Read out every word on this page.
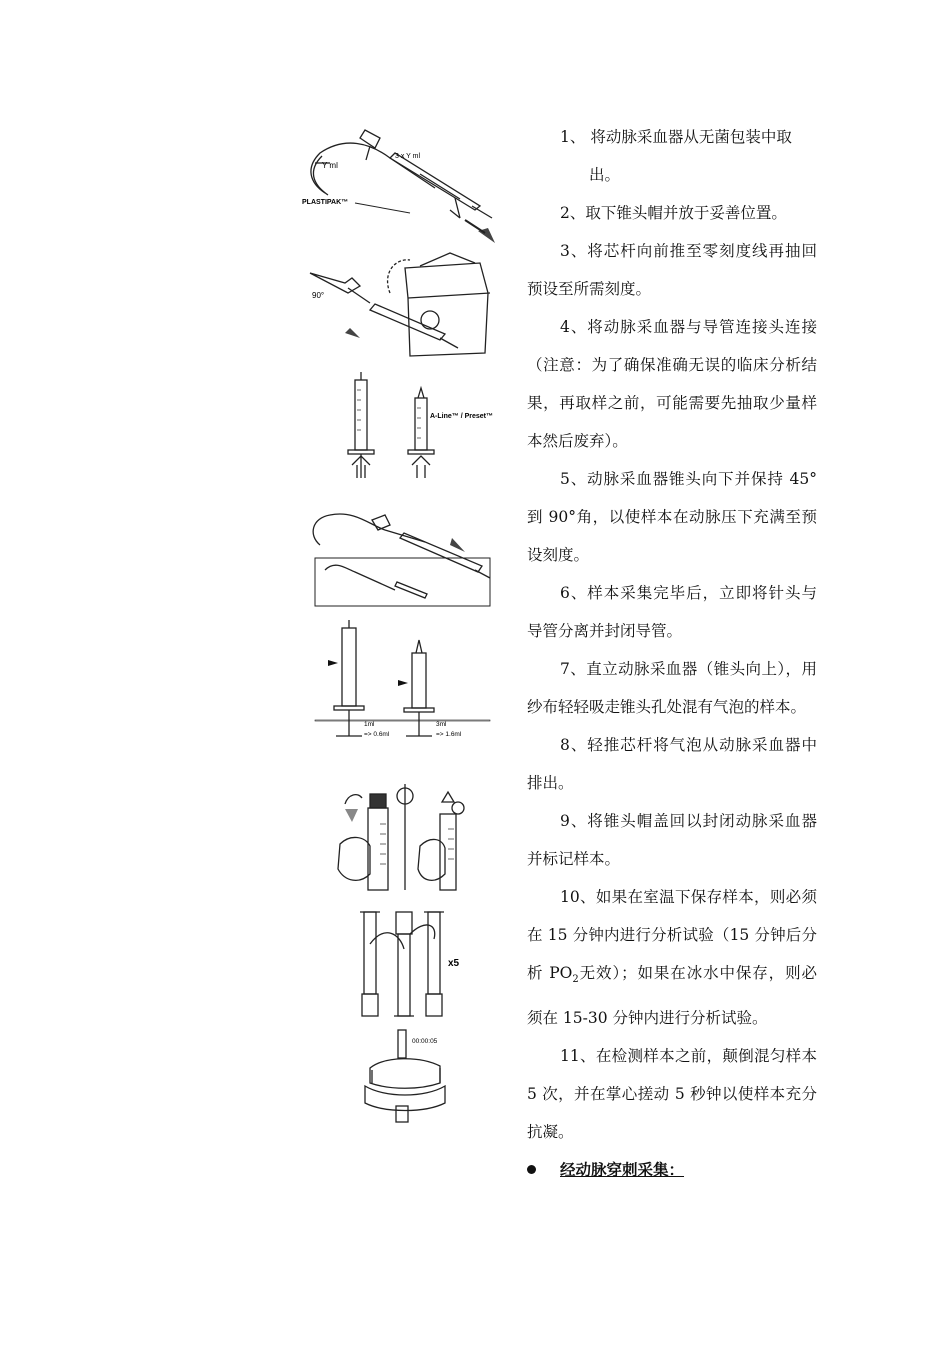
Y ml
3 x Y ml
PLASTIPAK™
90°
A-Line™ / Preset™
1ml
=> 0.6ml
3ml
=> 1.6ml
x5
00:00:05

1、 将动脉采血器从无菌包装中取
出。

2、取下锥头帽并放于妥善位置。

3、将芯杆向前推至零刻度线再抽回预设至所需刻度。

4、将动脉采血器与导管连接头连接（注意：为了确保准确无误的临床分析结果，再取样之前，可能需要先抽取少量样本然后废弃）。

5、动脉采血器锥头向下并保持 45°到 90°角，以使样本在动脉压下充满至预设刻度。

6、样本采集完毕后，立即将针头与导管分离并封闭导管。

7、直立动脉采血器（锥头向上），用纱布轻轻吸走锥头孔处混有气泡的样本。

8、轻推芯杆将气泡从动脉采血器中排出。

9、将锥头帽盖回以封闭动脉采血器并标记样本。

10、如果在室温下保存样本，则必须在 15 分钟内进行分析试验（15 分钟后分析 $PO_2$无效）；如果在冰水中保存，则必须在 15-30 分钟内进行分析试验。

11、在检测样本之前，颠倒混匀样本 5 次，并在掌心搓动 5 秒钟以使样本充分抗凝。

经动脉穿刺采集：
